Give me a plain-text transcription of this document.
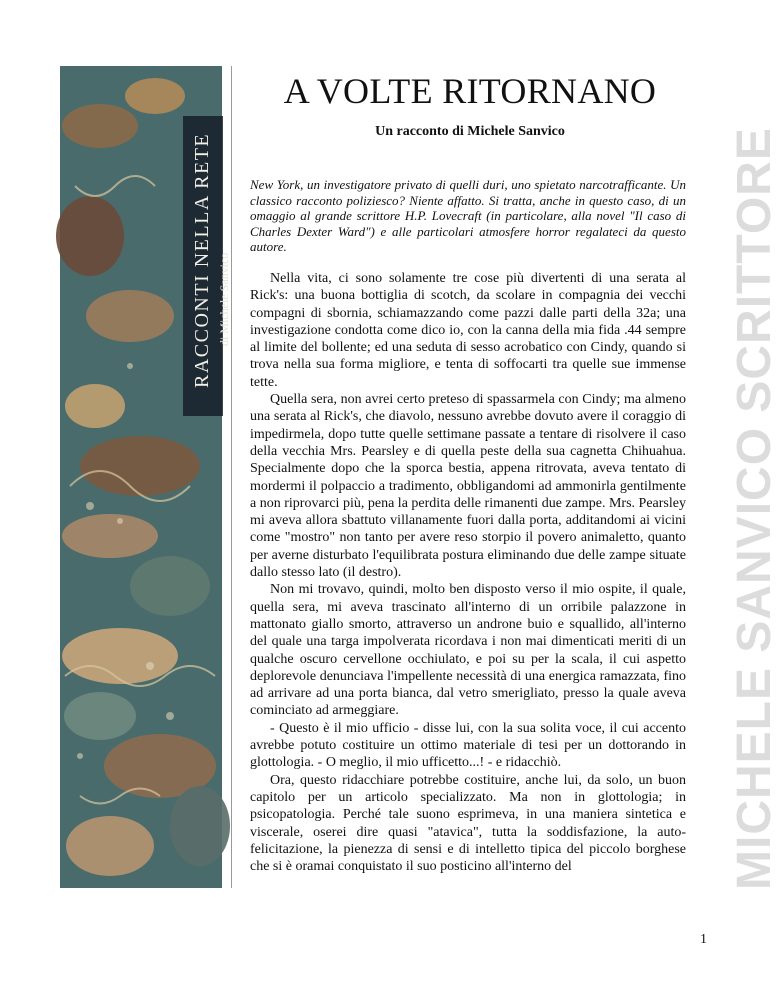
RACCONTI NELLA RETE di Michele Sanvico	MICHELE SANVICO SCRITTORE
A VOLTE RITORNANO
Un racconto di Michele Sanvico

New York, un investigatore privato di quelli duri, uno spietato narcotrafficante. Un classico racconto poliziesco? Niente affatto. Si tratta, anche in questo caso, di un omaggio al grande scrittore H.P. Lovecraft (in particolare, alla novel "Il caso di Charles Dexter Ward") e alle particolari atmosfere horror regalateci da questo autore.

Nella vita, ci sono solamente tre cose più divertenti di una serata al Rick's: una buona bottiglia di scotch, da scolare in compagnia dei vecchi compagni di sbornia, schiamazzando come pazzi dalle parti della 32a; una investigazione condotta come dico io, con la canna della mia fida .44 sempre al limite del bollente; ed una seduta di sesso acrobatico con Cindy, quando si trova nella sua forma migliore, e tenta di soffocarti tra quelle sue immense tette.

Quella sera, non avrei certo preteso di spassarmela con Cindy; ma almeno una serata al Rick's, che diavolo, nessuno avrebbe dovuto avere il coraggio di impedirmela, dopo tutte quelle settimane passate a tentare di risolvere il caso della vecchia Mrs. Pearsley e di quella peste della sua cagnetta Chihuahua. Specialmente dopo che la sporca bestia, appena ritrovata, aveva tentato di mordermi il polpaccio a tradimento, obbligandomi ad ammonirla gentilmente a non riprovarci più, pena la perdita delle rimanenti due zampe. Mrs. Pearsley mi aveva allora sbattuto villanamente fuori dalla porta, additandomi ai vicini come "mostro" non tanto per avere reso storpio il povero animaletto, quanto per averne disturbato l'equilibrata postura eliminando due delle zampe situate dallo stesso lato (il destro).

Non mi trovavo, quindi, molto ben disposto verso il mio ospite, il quale, quella sera, mi aveva trascinato all'interno di un orribile palazzone in mattonato giallo smorto, attraverso un androne buio e squallido, all'interno del quale una targa impolverata ricordava i non mai dimenticati meriti di un qualche oscuro cervellone occhiulato, e poi su per la scala, il cui aspetto deplorevole denunciava l'impellente necessità di una energica ramazzata, fino ad arrivare ad una porta bianca, dal vetro smerigliato, presso la quale aveva cominciato ad armeggiare.

- Questo è il mio ufficio - disse lui, con la sua solita voce, il cui accento avrebbe potuto costituire un ottimo materiale di tesi per un dottorando in glottologia. - O meglio, il mio ufficetto...! - e ridacchiò.

Ora, questo ridacchiare potrebbe costituire, anche lui, da solo, un buon capitolo per un articolo specializzato. Ma non in glottologia; in psicopatologia. Perché tale suono esprimeva, in una maniera sintetica e viscerale, oserei dire quasi "atavica", tutta la soddisfazione, la auto-felicitazione, la pienezza di sensi e di intelletto tipica del piccolo borghese che si è oramai conquistato il suo posticino all'interno del

1
